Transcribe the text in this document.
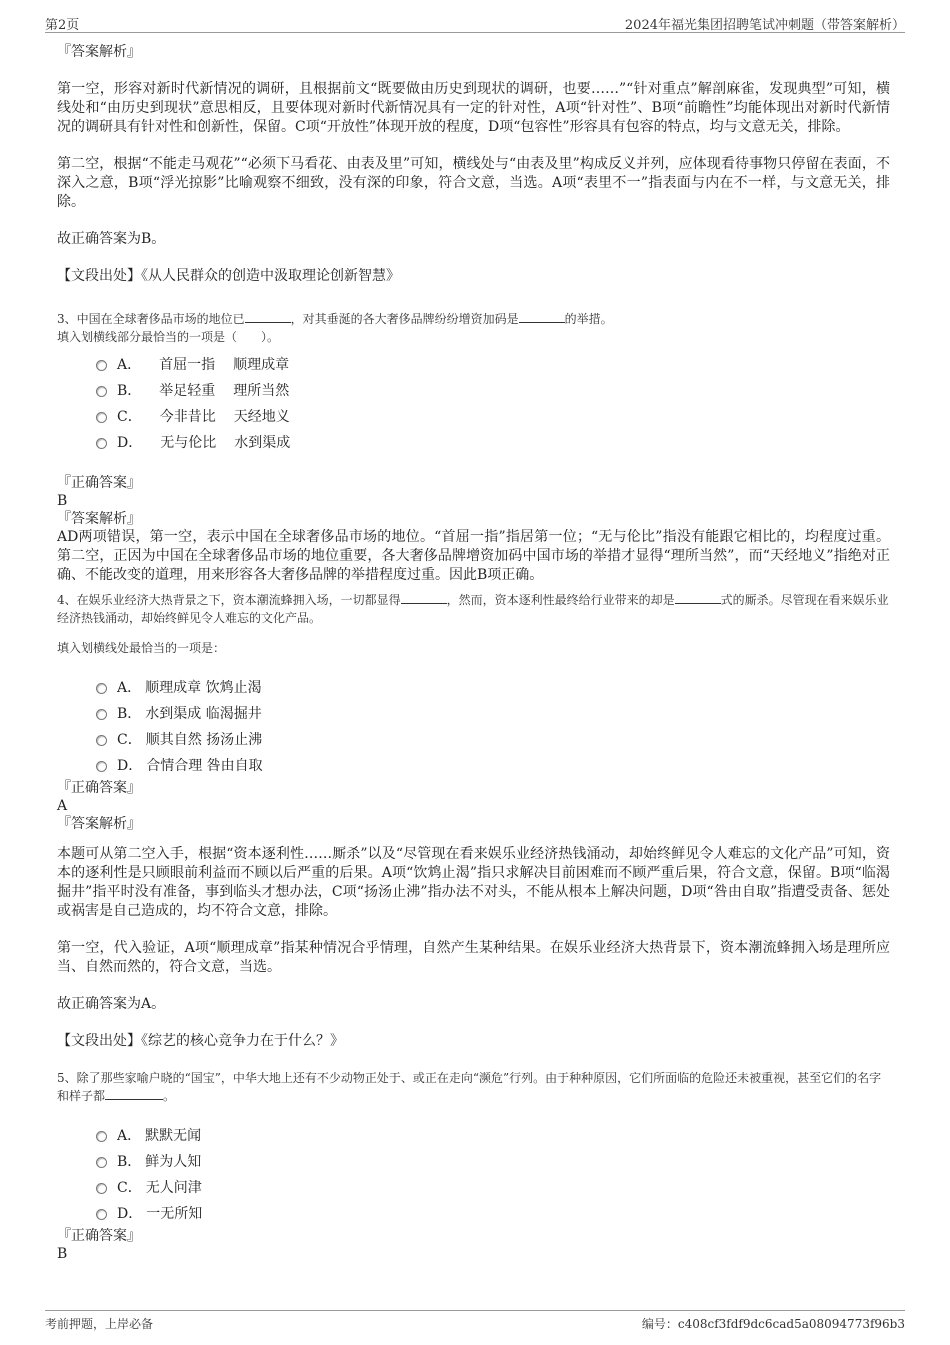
第2页	2024年福光集团招聘笔试冲刺题（带答案解析）

『答案解析』

第一空，形容对新时代新情况的调研，且根据前文“既要做由历史到现状的调研，也要……”“针对重点”解剖麻雀，发现典型”可知，横线处和“由历史到现状”意思相反，且要体现对新时代新情况具有一定的针对性，A项“针对性”、B项“前瞻性”均能体现出对新时代新情况的调研具有针对性和创新性，保留。C项“开放性”体现开放的程度，D项“包容性”形容具有包容的特点，均与文意无关，排除。

第二空，根据“不能走马观花”“必须下马看花、由表及里”可知，横线处与“由表及里”构成反义并列，应体现看待事物只停留在表面，不深入之意，B项“浮光掠影”比喻观察不细致，没有深的印象，符合文意，当选。A项“表里不一”指表面与内在不一样，与文意无关，排除。

故正确答案为B。

【文段出处】《从人民群众的创造中汲取理论创新智慧》

3、中国在全球奢侈品市场的地位已	，对其垂涎的各大奢侈品牌纷纷增资加码是	的举措。

填入划横线部分最恰当的一项是（　　）。

A． 首屈一指 顺理成章
B． 举足轻重 理所当然
C． 今非昔比 天经地义
D． 无与伦比 水到渠成

『正确答案』

B

『答案解析』

AD两项错误，第一空，表示中国在全球奢侈品市场的地位。“首屈一指”指居第一位；“无与伦比”指没有能跟它相比的，均程度过重。第二空，正因为中国在全球奢侈品市场的地位重要，各大奢侈品牌增资加码中国市场的举措才显得“理所当然”，而“天经地义”指绝对正确、不能改变的道理，用来形容各大奢侈品牌的举措程度过重。因此B项正确。

4、在娱乐业经济大热背景之下，资本潮流蜂拥入场，一切都显得	，然而，资本逐利性最终给行业带来的却是	式的厮杀。尽管现在看来娱乐业经济热钱涌动，却始终鲜见令人难忘的文化产品。

填入划横线处最恰当的一项是：

A． 顺理成章 饮鸩止渴
B． 水到渠成 临渴掘井
C． 顺其自然 扬汤止沸
D． 合情合理 咎由自取

『正确答案』

A

『答案解析』

本题可从第二空入手，根据“资本逐利性……厮杀”以及“尽管现在看来娱乐业经济热钱涌动，却始终鲜见令人难忘的文化产品”可知，资本的逐利性是只顾眼前利益而不顾以后严重的后果。A项“饮鸩止渴”指只求解决目前困难而不顾严重后果，符合文意，保留。B项“临渴掘井”指平时没有准备，事到临头才想办法，C项“扬汤止沸”指办法不对头，不能从根本上解决问题，D项“咎由自取”指遭受责备、惩处或祸害是自己造成的，均不符合文意，排除。

第一空，代入验证，A项“顺理成章”指某种情况合乎情理，自然产生某种结果。在娱乐业经济大热背景下，资本潮流蜂拥入场是理所应当、自然而然的，符合文意，当选。

故正确答案为A。

【文段出处】《综艺的核心竞争力在于什么？》

5、除了那些家喻户晓的“国宝”，中华大地上还有不少动物正处于、或正在走向“濒危”行列。由于种种原因，它们所面临的危险还未被重视，甚至它们的名字和样子都	。

A． 默默无闻
B． 鲜为人知
C． 无人问津
D． 一无所知

『正确答案』

B

考前押题，上岸必备	编号：c408cf3fdf9dc6cad5a08094773f96b3
